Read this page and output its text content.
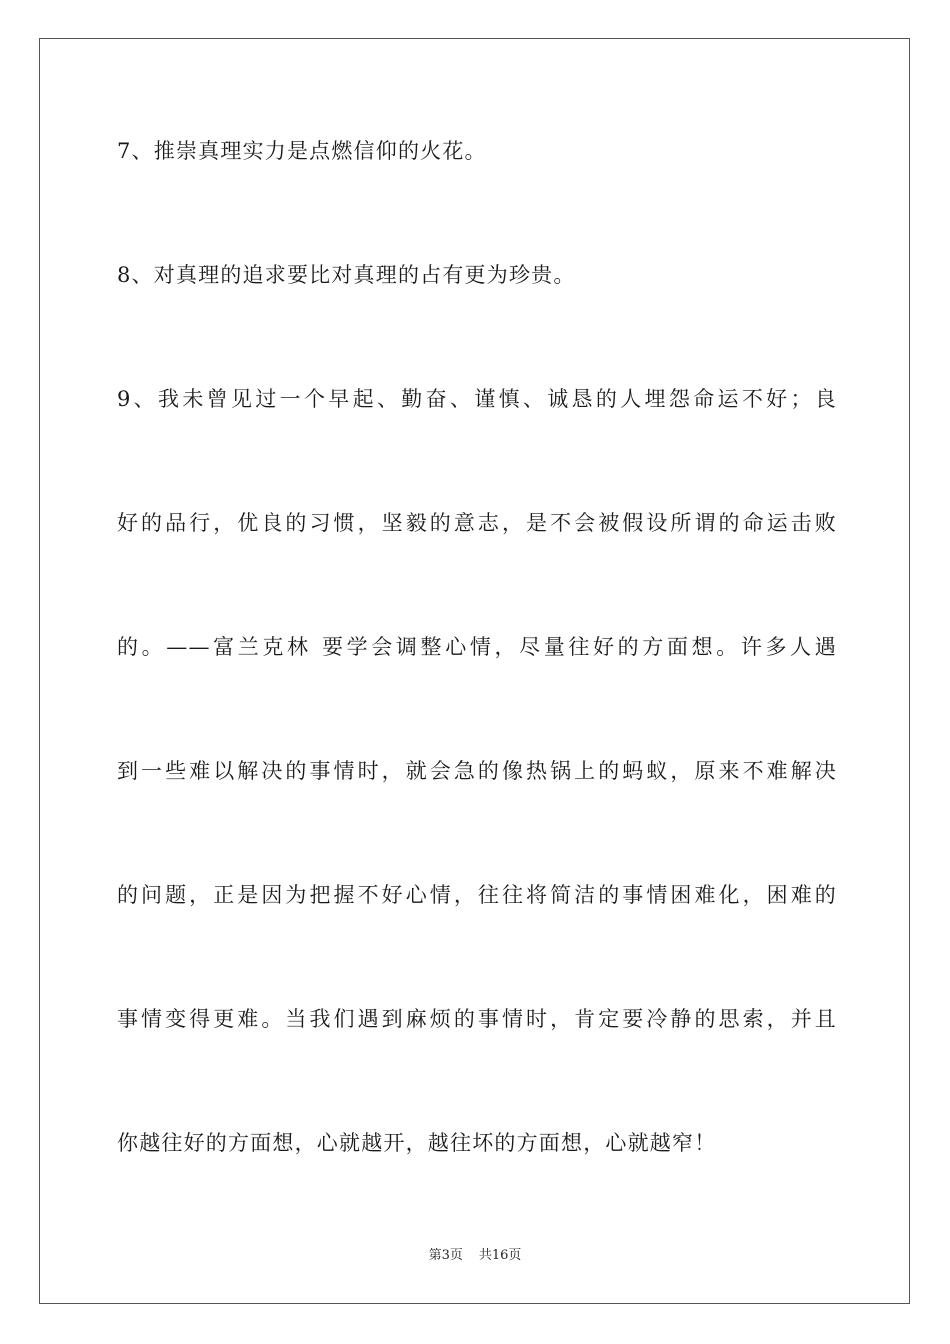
7、推崇真理实力是点燃信仰的火花。
8、对真理的追求要比对真理的占有更为珍贵。
9、我未曾见过一个早起、勤奋、谨慎、诚恳的人埋怨命运不好；良
好的品行，优良的习惯，坚毅的意志，是不会被假设所谓的命运击败
的。——富兰克林 要学会调整心情，尽量往好的方面想。许多人遇
到一些难以解决的事情时，就会急的像热锅上的蚂蚁，原来不难解决
的问题，正是因为把握不好心情，往往将简洁的事情困难化，困难的
事情变得更难。当我们遇到麻烦的事情时，肯定要冷静的思索，并且
你越往好的方面想，心就越开，越往坏的方面想，心就越窄！
第3页 共16页
